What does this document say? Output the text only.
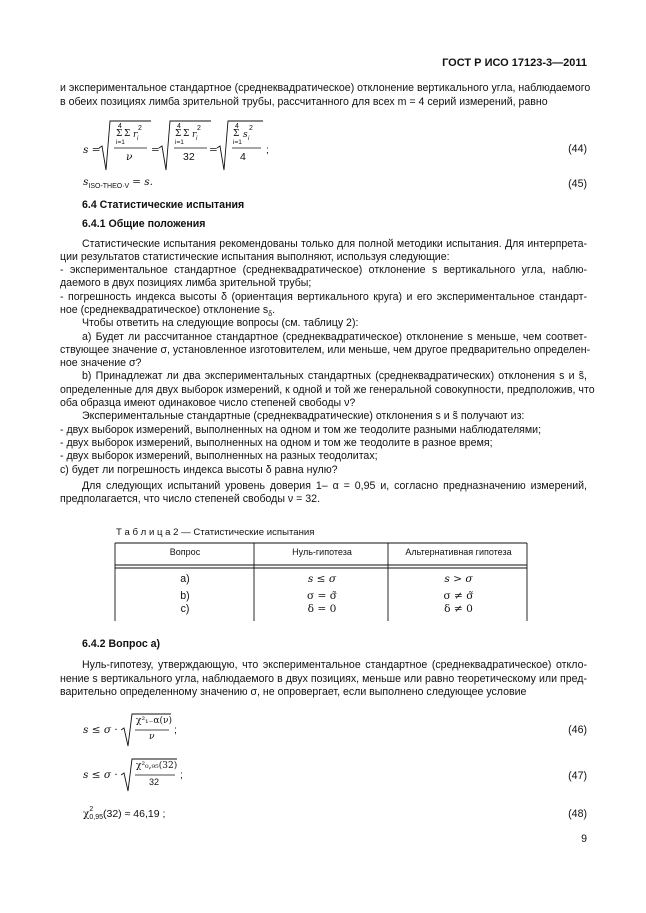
ГОСТ Р ИСО 17123-3—2011
и экспериментальное стандартное (среднеквадратическое) отклонение вертикального угла, наблюдаемого
в обеих позициях лимба зрительной трубы, рассчитанного для всех m = 4 серий измерений, равно
s =
4
Σ Σ r i
2
i=1
ν
=
4
Σ Σ r i
2
i=1
32
=
4
Σ s i
2
i=1
4
;	(44)
$s_{ISO-THEO\cdot V} = s$.	(45)
6.4 Статистические испытания
6.4.1 Общие положения
Статистические испытания рекомендованы только для полной методики испытания. Для интерпрета-
ции результатов статистические испытания выполняют, используя следующие:
- экспериментальное стандартное (среднеквадратическое) отклонение s вертикального угла, наблю-
даемого в двух позициях лимба зрительной трубы;
- погрешность индекса высоты δ (ориентация вертикального круга) и его экспериментальное стандарт-
ное (среднеквадратическое) отклонение $s_\delta$.
Чтобы ответить на следующие вопросы (см. таблицу 2):
a) Будет ли рассчитанное стандартное (среднеквадратическое) отклонение s меньше, чем соответ-
ствующее значение σ, установленное изготовителем, или меньше, чем другое предварительно определен-
ное значение σ?
b) Принадлежат ли два экспериментальных стандартных (среднеквадратических) отклонения s и s̃,
определенные для двух выборок измерений, к одной и той же генеральной совокупности, предположив, что
оба образца имеют одинаковое число степеней свободы ν?
Экспериментальные стандартные (среднеквадратические) отклонения s и s̃ получают из:
- двух выборок измерений, выполненных на одном и том же теодолите разными наблюдателями;
- двух выборок измерений, выполненных на одном и том же теодолите в разное время;
- двух выборок измерений, выполненных на разных теодолитах;
c) будет ли погрешность индекса высоты δ равна нулю?
Для следующих испытаний уровень доверия 1– α = 0,95 и, согласно предназначению измерений,
предполагается, что число степеней свободы ν = 32.
Т а б л и ц а 2 — Статистические испытания
Вопрос	Нуль-гипотеза	Альтернативная гипотеза
a)	s ≤ σ	s > σ
b)	σ = σ̃	σ ≠ σ̃
c)	δ = 0	δ ≠ 0
6.4.2 Вопрос a)
Нуль-гипотезу, утверждающую, что экспериментальное стандартное (среднеквадратическое) откло-
нение s вертикального угла, наблюдаемого в двух позициях, меньше или равно теоретическому или пред-
варительно определенному значению σ, не опровергает, если выполнено следующее условие
s ≤ σ ·
χ²₁₋α(ν)
ν
;	(46)
s ≤ σ ·
χ²₀,₉₅(32)
32
;	(47)
χ 2
0,95 (32) ≈ 46,19 ;	(48)
9
